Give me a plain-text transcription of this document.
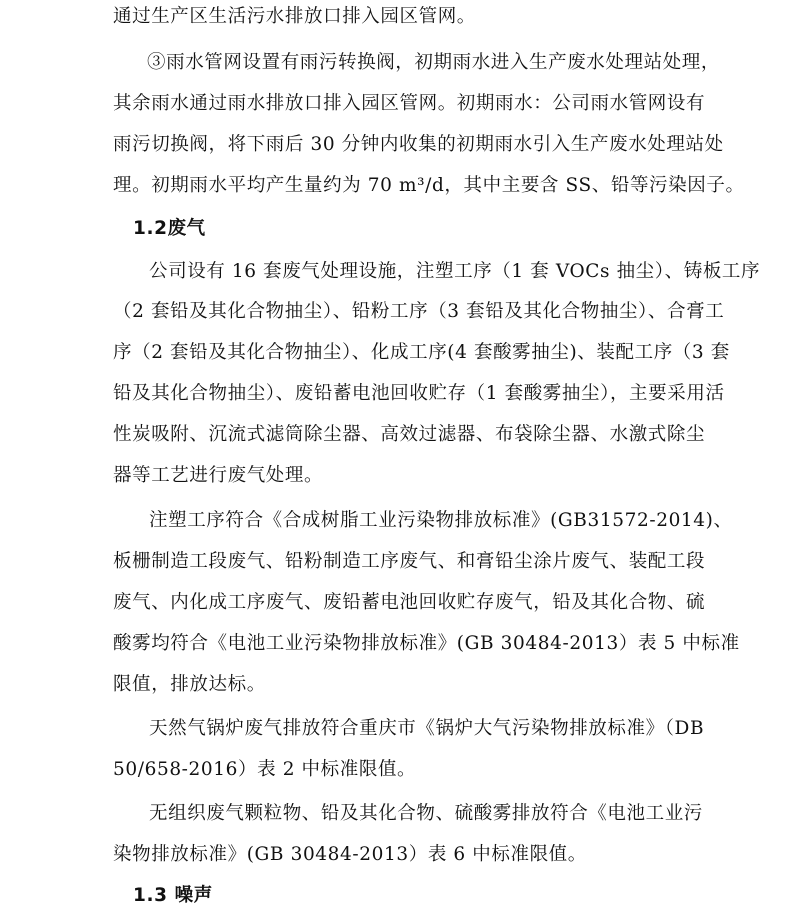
通过生产区生活污水排放口排入园区管网。
③雨水管网设置有雨污转换阀，初期雨水进入生产废水处理站处理，
其余雨水通过雨水排放口排入园区管网。初期雨水：公司雨水管网设有
雨污切换阀，将下雨后 30 分钟内收集的初期雨水引入生产废水处理站处
理。初期雨水平均产生量约为 70 m³/d，其中主要含 SS、铅等污染因子。
1.2废气
公司设有 16 套废气处理设施，注塑工序（1 套 VOCs 抽尘）、铸板工序
（2 套铅及其化合物抽尘）、铅粉工序（3 套铅及其化合物抽尘）、合膏工
序（2 套铅及其化合物抽尘）、化成工序(4 套酸雾抽尘)、装配工序（3 套
铅及其化合物抽尘）、废铅蓄电池回收贮存（1 套酸雾抽尘），主要采用活
性炭吸附、沉流式滤筒除尘器、高效过滤器、布袋除尘器、水激式除尘
器等工艺进行废气处理。
注塑工序符合《合成树脂工业污染物排放标准》(GB31572-2014)、
板栅制造工段废气、铅粉制造工序废气、和膏铅尘涂片废气、装配工段
废气、内化成工序废气、废铅蓄电池回收贮存废气，铅及其化合物、硫
酸雾均符合《电池工业污染物排放标准》(GB 30484-2013）表 5 中标准
限值，排放达标。
天然气锅炉废气排放符合重庆市《锅炉大气污染物排放标准》（DB
50/658-2016）表 2 中标准限值。
无组织废气颗粒物、铅及其化合物、硫酸雾排放符合《电池工业污
染物排放标准》(GB 30484-2013）表 6 中标准限值。
1.3 噪声
